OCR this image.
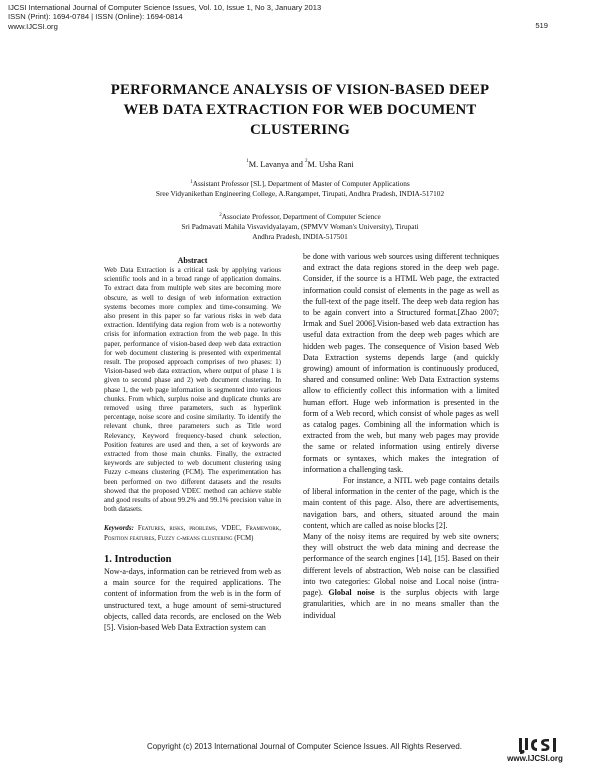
IJCSI International Journal of Computer Science Issues, Vol. 10, Issue 1, No 3, January 2013
ISSN (Print): 1694-0784 | ISSN (Online): 1694-0814
www.IJCSI.org	519
PERFORMANCE ANALYSIS OF VISION-BASED DEEP
WEB DATA EXTRACTION FOR WEB DOCUMENT
CLUSTERING
$^1$M. Lavanya and $^2$M. Usha Rani
$^1$Assistant Professor [SL], Department of Master of Computer Applications
Sree Vidyanikethan Engineering College, A.Rangampet, Tirupati, Andhra Pradesh, INDIA-517102
$^2$Associate Professor, Department of Computer Science
Sri Padmavati Mahila Visvavidyalayam, (SPMVV Woman's University), Tirupati
Andhra Pradesh, INDIA-517501

Abstract

Web Data Extraction is a critical task by applying various scientific tools and in a broad range of application domains. To extract data from multiple web sites are becoming more obscure, as well to design of web information extraction systems becomes more complex and time-consuming. We also present in this paper so far various risks in web data extraction. Identifying data region from web is a noteworthy crisis for information extraction from the web page. In this paper, performance of vision-based deep web data extraction for web document clustering is presented with experimental result. The proposed approach comprises of two phases: 1) Vision-based web data extraction, where output of phase 1 is given to second phase and 2) web document clustering. In phase 1, the web page information is segmented into various chunks. From which, surplus noise and duplicate chunks are removed using three parameters, such as hyperlink percentage, noise score and cosine similarity. To identify the relevant chunk, three parameters such as Title word Relevancy, Keyword frequency-based chunk selection, Position features are used and then, a set of keywords are extracted from those main chunks. Finally, the extracted keywords are subjected to web document clustering using Fuzzy c-means clustering (FCM). The experimentation has been performed on two different datasets and the results showed that the proposed VDEC method can achieve stable and good results of about 99.2% and 99.1% precision value in both datasets.

Keywords: Features, risks, problems, VDEC, Framework, Position features, Fuzzy c-means clustering (FCM)

1. Introduction

Now-a-days, information can be retrieved from web as a main source for the required applications. The content of information from the web is in the form of unstructured text, a huge amount of semi-structured objects, called data records, are enclosed on the Web [5]. Vision-based Web Data Extraction system can

be done with various web sources using different techniques and extract the data regions stored in the deep web page. Consider, if the source is a HTML Web page, the extracted information could consist of elements in the page as well as the full-text of the page itself. The deep web data region has to be again convert into a Structured format.[Zhao 2007; Irmak and Suel 2006].Vision-based web data extraction has useful data extraction from the deep web pages which are hidden web pages. The consequence of Vision based Web Data Extraction systems depends large (and quickly growing) amount of information is continuously produced, shared and consumed online: Web Data Extraction systems allow to efficiently collect this information with a limited human effort. Huge web information is presented in the form of a Web record, which consist of whole pages as well as catalog pages. Combining all the information which is extracted from the web, but many web pages may provide the same or related information using entirely diverse formats or syntaxes, which makes the integration of information a challenging task.

For instance, a NITL web page contains details of liberal information in the center of the page, which is the main content of this page. Also, there are advertisements, navigation bars, and others, situated around the main content, which are called as noise blocks [2].

Many of the noisy items are required by web site owners; they will obstruct the web data mining and decrease the performance of the search engines [14], [15]. Based on their different levels of abstraction, Web noise can be classified into two categories: Global noise and Local noise (intra-page). Global noise is the surplus objects with large granularities, which are in no means smaller than the individual

Copyright (c) 2013 International Journal of Computer Science Issues. All Rights Reserved.
www.IJCSI.org
